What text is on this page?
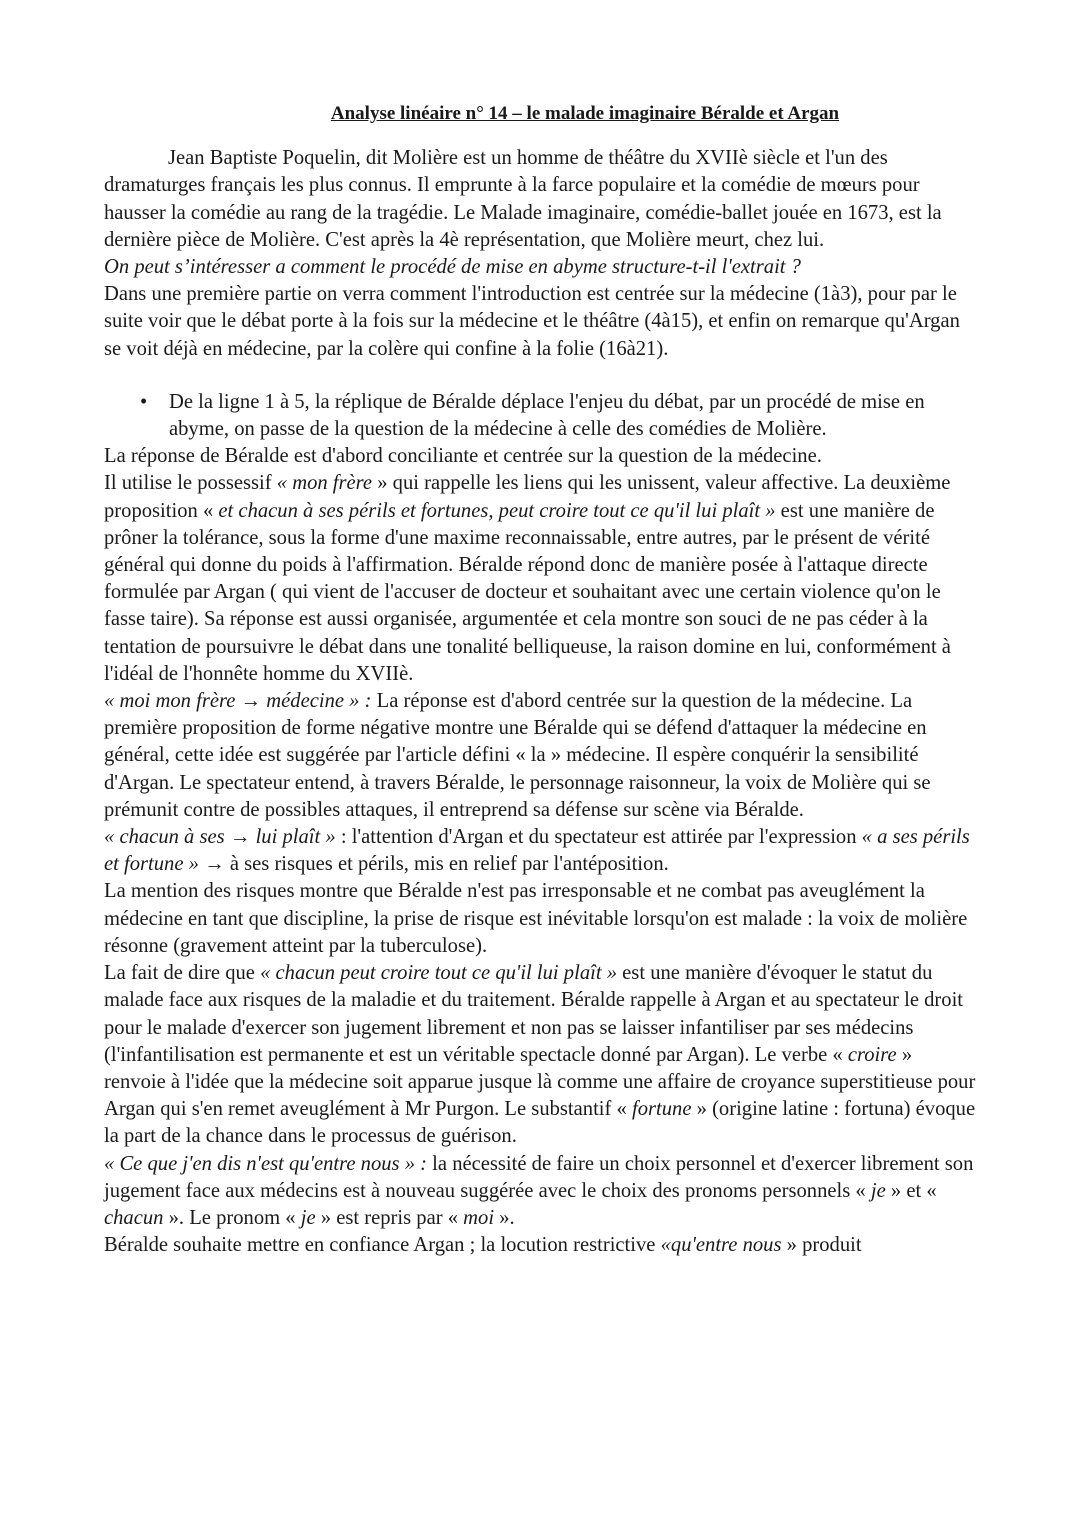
Analyse linéaire n° 14 – le malade imaginaire Béralde et Argan

Jean Baptiste Poquelin, dit Molière est un homme de théâtre du XVIIè siècle et l'un des dramaturges français les plus connus. Il emprunte à la farce populaire et la comédie de mœurs pour hausser la comédie au rang de la tragédie. Le Malade imaginaire, comédie-ballet jouée en 1673, est la dernière pièce de Molière. C'est après la 4è représentation, que Molière meurt, chez lui.

On peut s’intéresser a comment le procédé de mise en abyme structure-t-il l'extrait ?

Dans une première partie on verra comment l'introduction est centrée sur la médecine (1à3), pour par le suite voir que le débat porte à la fois sur la médecine et le théâtre (4à15), et enfin on remarque qu'Argan se voit déjà en médecine, par la colère qui confine à la folie (16à21).

• De la ligne 1 à 5, la réplique de Béralde déplace l'enjeu du débat, par un procédé de mise en abyme, on passe de la question de la médecine à celle des comédies de Molière.

La réponse de Béralde est d'abord conciliante et centrée sur la question de la médecine.

Il utilise le possessif « mon frère » qui rappelle les liens qui les unissent, valeur affective. La deuxième proposition « et chacun à ses périls et fortunes, peut croire tout ce qu'il lui plaît » est une manière de prôner la tolérance, sous la forme d'une maxime reconnaissable, entre autres, par le présent de vérité général qui donne du poids à l'affirmation. Béralde répond donc de manière posée à l'attaque directe formulée par Argan ( qui vient de l'accuser de docteur et souhaitant avec une certain violence qu'on le fasse taire). Sa réponse est aussi organisée, argumentée et cela montre son souci de ne pas céder à la tentation de poursuivre le débat dans une tonalité belliqueuse, la raison domine en lui, conformément à l'idéal de l'honnête homme du XVIIè.

« moi mon frère → médecine » : La réponse est d'abord centrée sur la question de la médecine. La première proposition de forme négative montre une Béralde qui se défend d'attaquer la médecine en général, cette idée est suggérée par l'article défini « la » médecine. Il espère conquérir la sensibilité d'Argan. Le spectateur entend, à travers Béralde, le personnage raisonneur, la voix de Molière qui se prémunit contre de possibles attaques, il entreprend sa défense sur scène via Béralde.

« chacun à ses → lui plaît » : l'attention d'Argan et du spectateur est attirée par l'expression « a ses périls et fortune » → à ses risques et périls, mis en relief par l'antéposition.

La mention des risques montre que Béralde n'est pas irresponsable et ne combat pas aveuglément la médecine en tant que discipline, la prise de risque est inévitable lorsqu'on est malade : la voix de molière résonne (gravement atteint par la tuberculose).

La fait de dire que « chacun peut croire tout ce qu'il lui plaît » est une manière d'évoquer le statut du malade face aux risques de la maladie et du traitement. Béralde rappelle à Argan et au spectateur le droit pour le malade d'exercer son jugement librement et non pas se laisser infantiliser par ses médecins (l'infantilisation est permanente et est un véritable spectacle donné par Argan). Le verbe « croire » renvoie à l'idée que la médecine soit apparue jusque là comme une affaire de croyance superstitieuse pour Argan qui s'en remet aveuglément à Mr Purgon. Le substantif « fortune » (origine latine : fortuna) évoque la part de la chance dans le processus de guérison.

« Ce que j'en dis n'est qu'entre nous » : la nécessité de faire un choix personnel et d'exercer librement son jugement face aux médecins est à nouveau suggérée avec le choix des pronoms personnels « je » et « chacun ». Le pronom « je » est repris par « moi ».

Béralde souhaite mettre en confiance Argan ; la locution restrictive «qu'entre nous » produit
